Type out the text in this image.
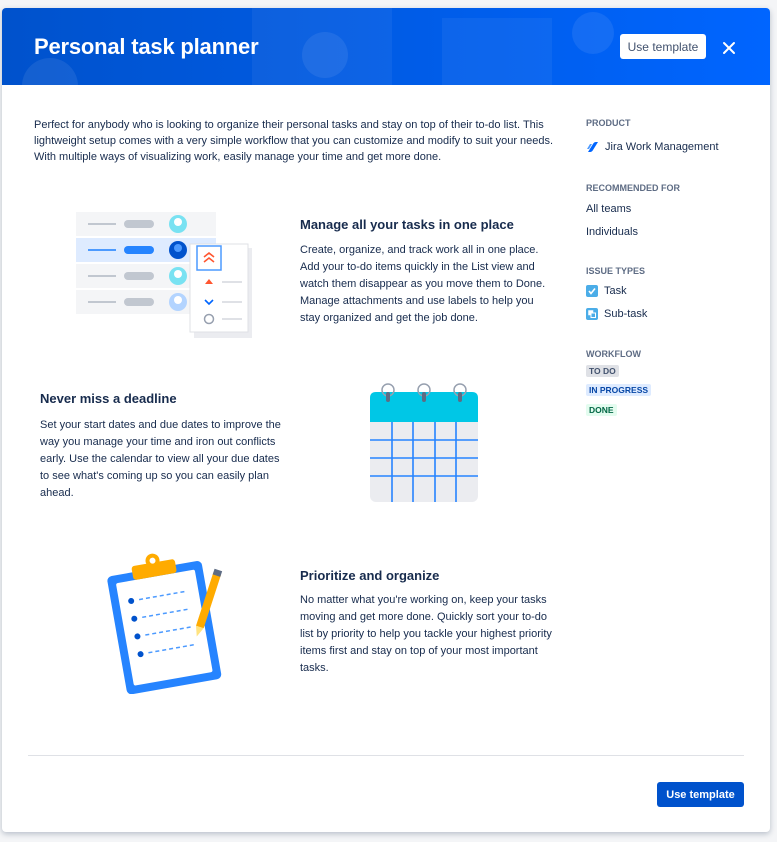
Personal task planner	Use template

Perfect for anybody who is looking to organize their personal tasks and stay on top of their to-do list. This lightweight setup comes with a very simple workflow that you can customize and modify to suit your needs. With multiple ways of visualizing work, easily manage your time and get more done.

Manage all your tasks in one place

Create, organize, and track work all in one place. Add your to-do items quickly in the List view and watch them disappear as you move them to Done. Manage attachments and use labels to help you stay organized and get the job done.

Never miss a deadline

Set your start dates and due dates to improve the way you manage your time and iron out conflicts early. Use the calendar to view all your due dates to see what's coming up so you can easily plan ahead.

Prioritize and organize

No matter what you're working on, keep your tasks moving and get more done. Quickly sort your to-do list by priority to help you tackle your highest priority items first and stay on top of your most important tasks.

PRODUCT

Jira Work Management

RECOMMENDED FOR

All teams
Individuals

ISSUE TYPES

Task
Sub-task

WORKFLOW

TO DO
IN PROGRESS
DONE
Use template
